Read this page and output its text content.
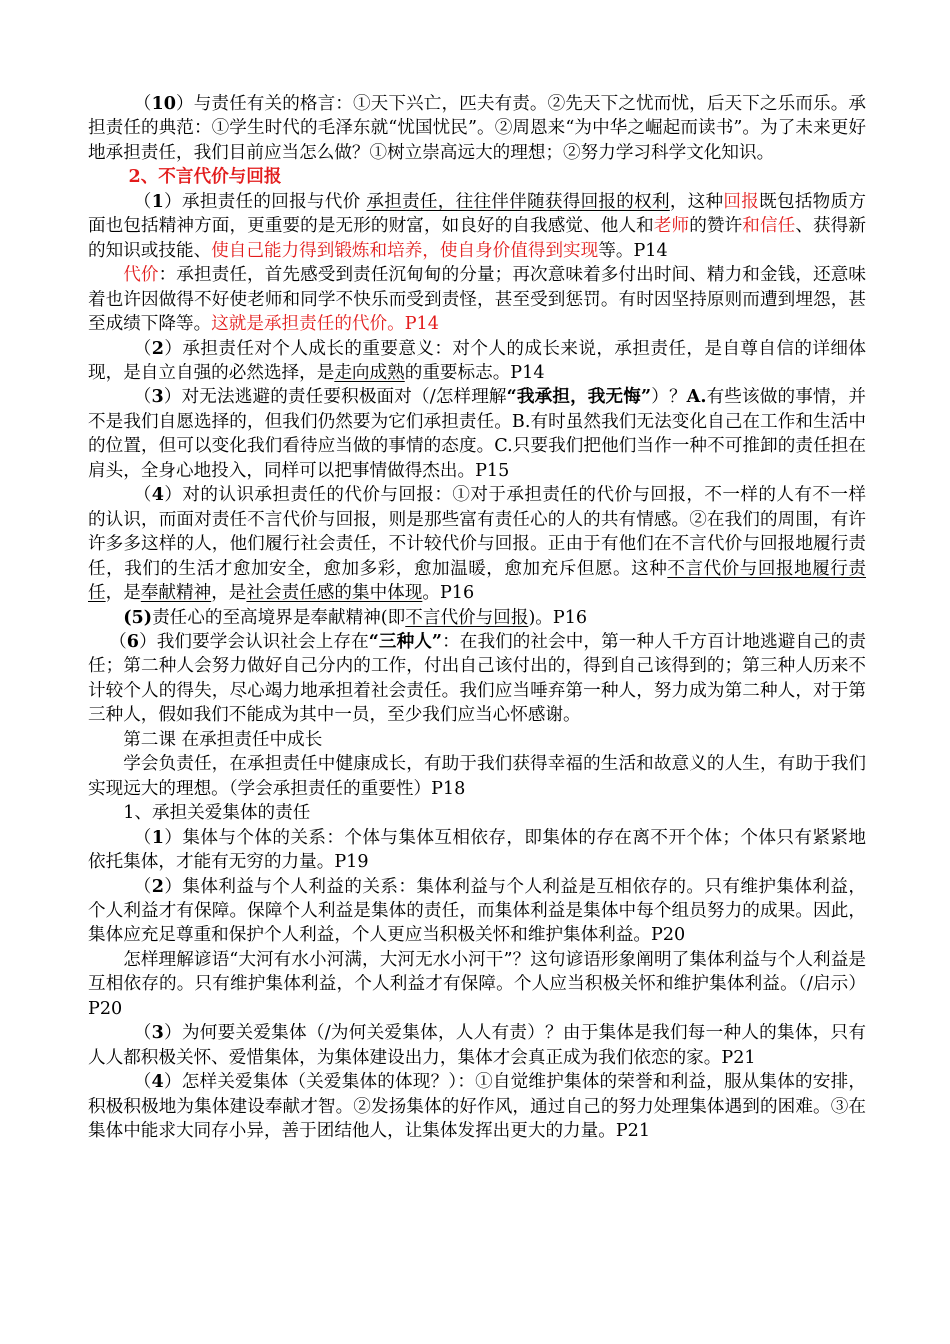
（10）与责任有关的格言：①天下兴亡，匹夫有责。②先天下之忧而忧，后天下之乐而乐。承担责任的典范：①学生时代的毛泽东就“忧国忧民”。②周恩来“为中华之崛起而读书”。为了未来更好地承担责任，我们目前应当怎么做？①树立崇高远大的理想；②努力学习科学文化知识。

2、不言代价与回报

（1）承担责任的回报与代价 承担责任，往往伴伴随获得回报的权利，这种回报既包括物质方面也包括精神方面，更重要的是无形的财富，如良好的自我感觉、他人和老师的赞许和信任、获得新的知识或技能、使自己能力得到锻炼和培养，使自身价值得到实现等。P14

代价：承担责任，首先感受到责任沉甸甸的分量；再次意味着多付出时间、精力和金钱，还意味着也许因做得不好使老师和同学不快乐而受到责怪，甚至受到惩罚。有时因坚持原则而遭到埋怨，甚至成绩下降等。这就是承担责任的代价。P14

（2）承担责任对个人成长的重要意义：对个人的成长来说，承担责任，是自尊自信的详细体现，是自立自强的必然选择，是走向成熟的重要标志。P14

（3）对无法逃避的责任要积极面对（/怎样理解“我承担，我无悔”）？A.有些该做的事情，并不是我们自愿选择的，但我们仍然要为它们承担责任。B.有时虽然我们无法变化自己在工作和生活中的位置，但可以变化我们看待应当做的事情的态度。C.只要我们把他们当作一种不可推卸的责任担在肩头，全身心地投入，同样可以把事情做得杰出。P15

（4）对的认识承担责任的代价与回报：①对于承担责任的代价与回报，不一样的人有不一样的认识，而面对责任不言代价与回报，则是那些富有责任心的人的共有情感。②在我们的周围，有许许多多这样的人，他们履行社会责任，不计较代价与回报。正由于有他们在不言代价与回报地履行责任，我们的生活才愈加安全，愈加多彩，愈加温暖，愈加充斥但愿。这种不言代价与回报地履行责任，是奉献精神，是社会责任感的集中体现。P16

(5)责任心的至高境界是奉献精神(即不言代价与回报)。P16

（6）我们要学会认识社会上存在“三种人”：在我们的社会中，第一种人千方百计地逃避自己的责任；第二种人会努力做好自己分内的工作，付出自己该付出的，得到自己该得到的；第三种人历来不计较个人的得失，尽心竭力地承担着社会责任。我们应当唾弃第一种人，努力成为第二种人，对于第三种人，假如我们不能成为其中一员，至少我们应当心怀感谢。

第二课 在承担责任中成长

学会负责任，在承担责任中健康成长，有助于我们获得幸福的生活和故意义的人生，有助于我们实现远大的理想。（学会承担责任的重要性）P18

1、承担关爱集体的责任

（1）集体与个体的关系：个体与集体互相依存，即集体的存在离不开个体；个体只有紧紧地依托集体，才能有无穷的力量。P19

（2）集体利益与个人利益的关系：集体利益与个人利益是互相依存的。只有维护集体利益，个人利益才有保障。保障个人利益是集体的责任，而集体利益是集体中每个组员努力的成果。因此，集体应充足尊重和保护个人利益，个人更应当积极关怀和维护集体利益。P20

怎样理解谚语“大河有水小河满，大河无水小河干”？这句谚语形象阐明了集体利益与个人利益是互相依存的。只有维护集体利益，个人利益才有保障。个人应当积极关怀和维护集体利益。（/启示） P20

（3）为何要关爱集体（/为何关爱集体，人人有责）？由于集体是我们每一种人的集体，只有人人都积极关怀、爱惜集体，为集体建设出力，集体才会真正成为我们依恋的家。P21

（4）怎样关爱集体（关爱集体的体现？）：①自觉维护集体的荣誉和利益，服从集体的安排，积极积极地为集体建设奉献才智。②发扬集体的好作风，通过自己的努力处理集体遇到的困难。③在集体中能求大同存小异，善于团结他人，让集体发挥出更大的力量。P21
